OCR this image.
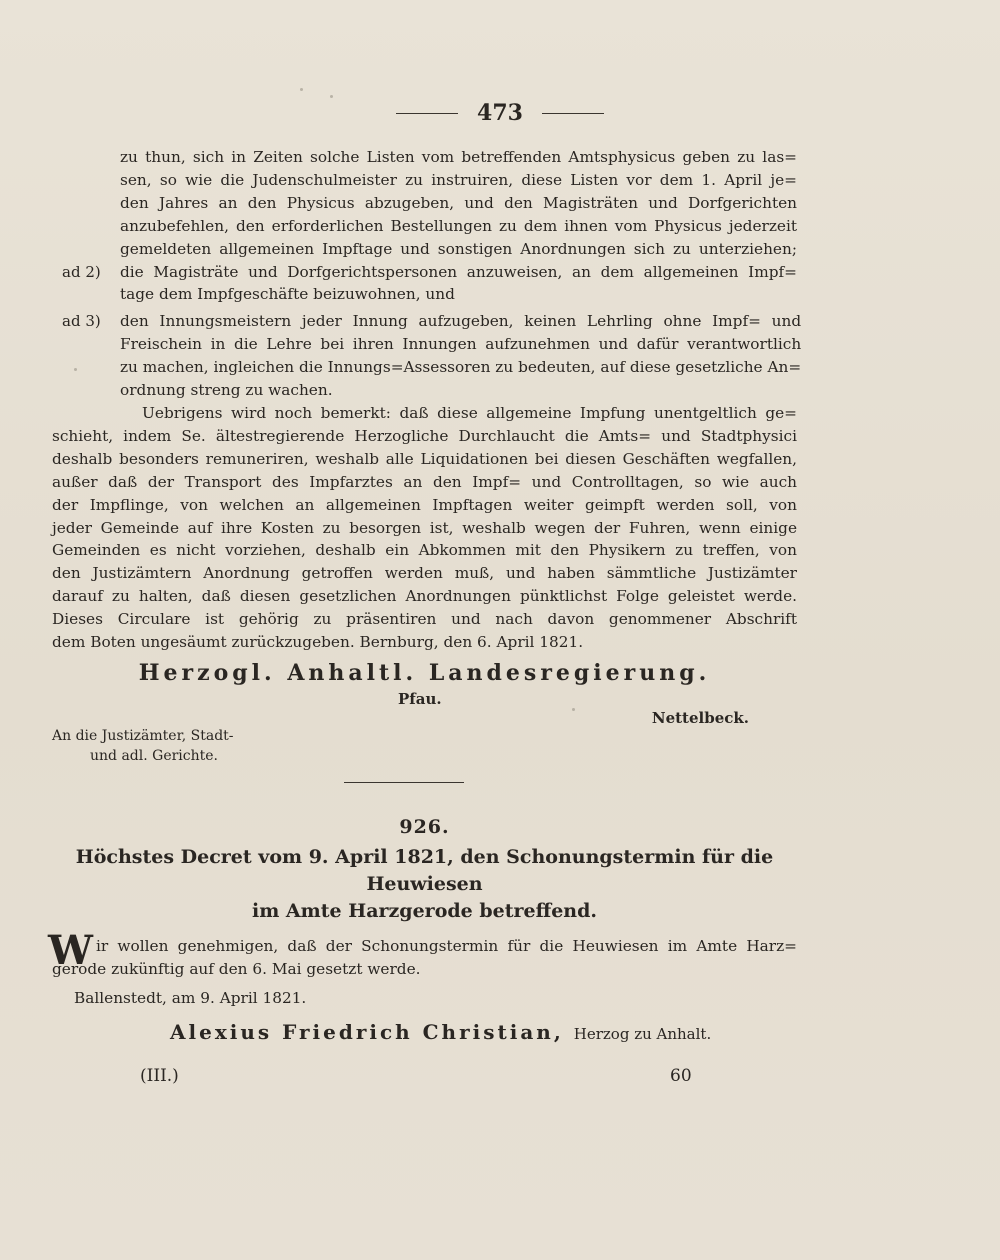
473
zu thun, sich in Zeiten solche Listen vom betreffenden Amtsphysicus geben zu las=
sen, so wie die Judenschulmeister zu instruiren, diese Listen vor dem 1. April je=
den Jahres an den Physicus abzugeben, und den Magisträten und Dorfgerichten
anzubefehlen, den erforderlichen Bestellungen zu dem ihnen vom Physicus jederzeit
gemeldeten allgemeinen Impftage und sonstigen Anordnungen sich zu unterziehen;
ad 2)	die Magisträte und Dorfgerichtspersonen anzuweisen, an dem allgemeinen Impf=
tage dem Impfgeschäfte beizuwohnen, und
ad 3)	den Innungsmeistern jeder Innung aufzugeben, keinen Lehrling ohne Impf= und
Freischein in die Lehre bei ihren Innungen aufzunehmen und dafür verantwortlich
zu machen, ingleichen die Innungs=Assessoren zu bedeuten, auf diese gesetzliche An=
ordnung streng zu wachen.
Uebrigens wird noch bemerkt: daß diese allgemeine Impfung unentgeltlich ge=
schieht, indem Se. ältestregierende Herzogliche Durchlaucht die Amts= und Stadtphysici
deshalb besonders remuneriren, weshalb alle Liquidationen bei diesen Geschäften wegfallen,
außer daß der Transport des Impfarztes an den Impf= und Controlltagen, so wie auch
der Impflinge, von welchen an allgemeinen Impftagen weiter geimpft werden soll, von
jeder Gemeinde auf ihre Kosten zu besorgen ist, weshalb wegen der Fuhren, wenn einige
Gemeinden es nicht vorziehen, deshalb ein Abkommen mit den Physikern zu treffen, von
den Justizämtern Anordnung getroffen werden muß, und haben sämmtliche Justizämter
darauf zu halten, daß diesen gesetzlichen Anordnungen pünktlichst Folge geleistet werde.
Dieses Circulare ist gehörig zu präsentiren und nach davon genommener Abschrift
dem Boten ungesäumt zurückzugeben. Bernburg, den 6. April 1821.
Herzogl. Anhaltl. Landesregierung.
Pfau.
Nettelbeck.
An die Justizämter, Stadt-
und adl. Gerichte.
926.
Höchstes Decret vom 9. April 1821, den Schonungstermin für die Heuwiesen
im Amte Harzgerode betreffend.
W ir wollen genehmigen, daß der Schonungstermin für die Heuwiesen im Amte Harz=
gerode zukünftig auf den 6. Mai gesetzt werde.
Ballenstedt, am 9. April 1821.
Alexius Friedrich Christian, Herzog zu Anhalt.
(III.)	60
